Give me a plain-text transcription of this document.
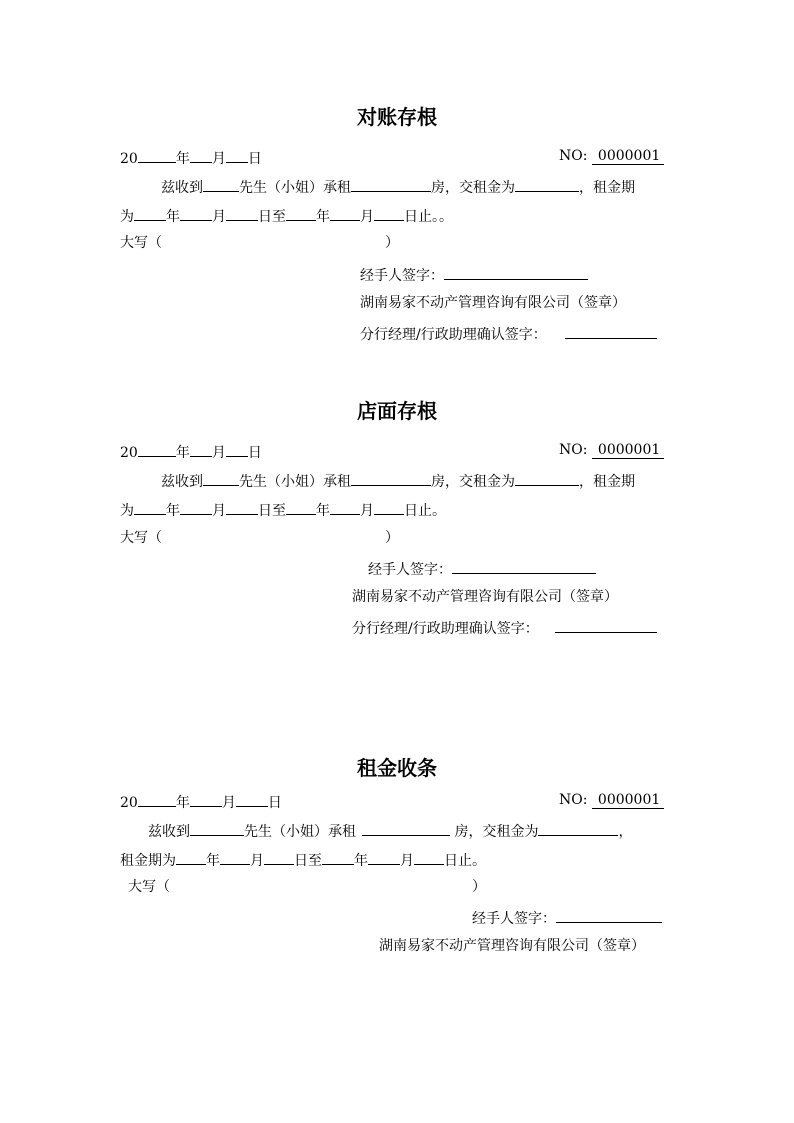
对账存根
20	年 月 日	NO: 0000001
兹收到	先生（小姐）承租	房，交租金为	，租金期
为 年 月 日至 年 月 日止。。
大写（	）
经手人签字：
湖南易家不动产管理咨询有限公司（签章）
分行经理/行政助理确认签字：
店面存根
20	年 月 日	NO: 0000001
兹收到	先生（小姐）承租	房，交租金为	，租金期
为 年 月 日至 年 月 日止。
大写（	）
经手人签字：
湖南易家不动产管理咨询有限公司（签章）
分行经理/行政助理确认签字：
租金收条
20	年 月 日	NO: 0000001
兹收到	先生（小姐）承租	房，交租金为	，
租金期为 年 月 日至 年 月 日止。
大写（	）
经手人签字：
湖南易家不动产管理咨询有限公司（签章）
